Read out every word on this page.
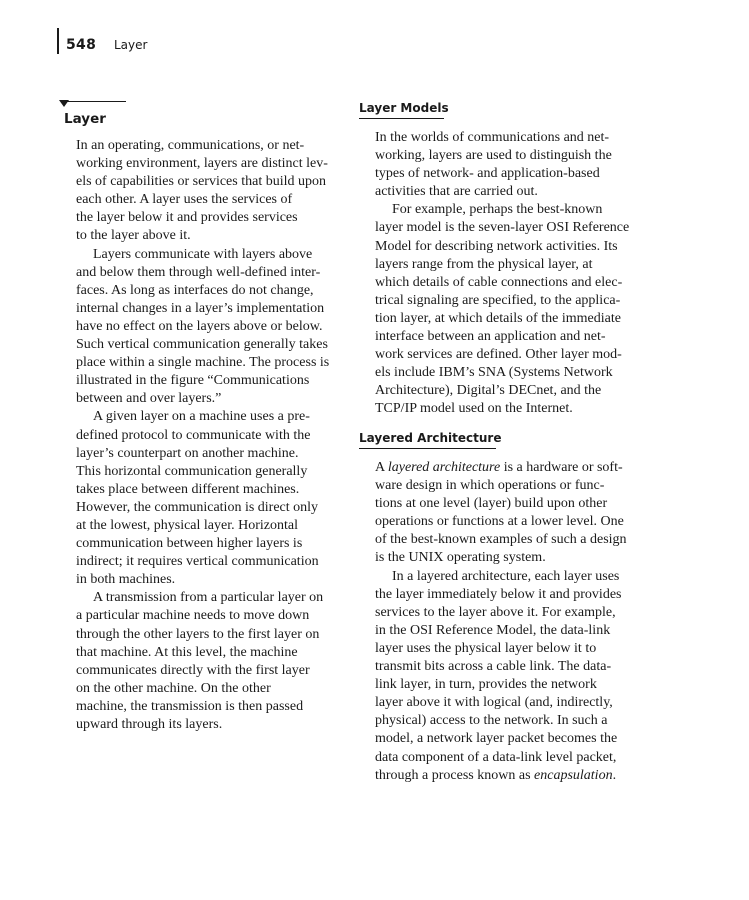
548 Layer
Layer
In an operating, communications, or net-
working environment, layers are distinct lev-
els of capabilities or services that build upon
each other. A layer uses the services of
the layer below it and provides services
to the layer above it.
Layers communicate with layers above
and below them through well-defined inter-
faces. As long as interfaces do not change,
internal changes in a layer’s implementation
have no effect on the layers above or below.
Such vertical communication generally takes
place within a single machine. The process is
illustrated in the figure “Communications
between and over layers.”
A given layer on a machine uses a pre-
defined protocol to communicate with the
layer’s counterpart on another machine.
This horizontal communication generally
takes place between different machines.
However, the communication is direct only
at the lowest, physical layer. Horizontal
communication between higher layers is
indirect; it requires vertical communication
in both machines.
A transmission from a particular layer on
a particular machine needs to move down
through the other layers to the first layer on
that machine. At this level, the machine
communicates directly with the first layer
on the other machine. On the other
machine, the transmission is then passed
upward through its layers.
Layer Models
In the worlds of communications and net-
working, layers are used to distinguish the
types of network- and application-based
activities that are carried out.
For example, perhaps the best-known
layer model is the seven-layer OSI Reference
Model for describing network activities. Its
layers range from the physical layer, at
which details of cable connections and elec-
trical signaling are specified, to the applica-
tion layer, at which details of the immediate
interface between an application and net-
work services are defined. Other layer mod-
els include IBM’s SNA (Systems Network
Architecture), Digital’s DECnet, and the
TCP/IP model used on the Internet.
Layered Architecture
A layered architecture is a hardware or soft-
ware design in which operations or func-
tions at one level (layer) build upon other
operations or functions at a lower level. One
of the best-known examples of such a design
is the UNIX operating system.
In a layered architecture, each layer uses
the layer immediately below it and provides
services to the layer above it. For example,
in the OSI Reference Model, the data-link
layer uses the physical layer below it to
transmit bits across a cable link. The data-
link layer, in turn, provides the network
layer above it with logical (and, indirectly,
physical) access to the network. In such a
model, a network layer packet becomes the
data component of a data-link level packet,
through a process known as encapsulation.
